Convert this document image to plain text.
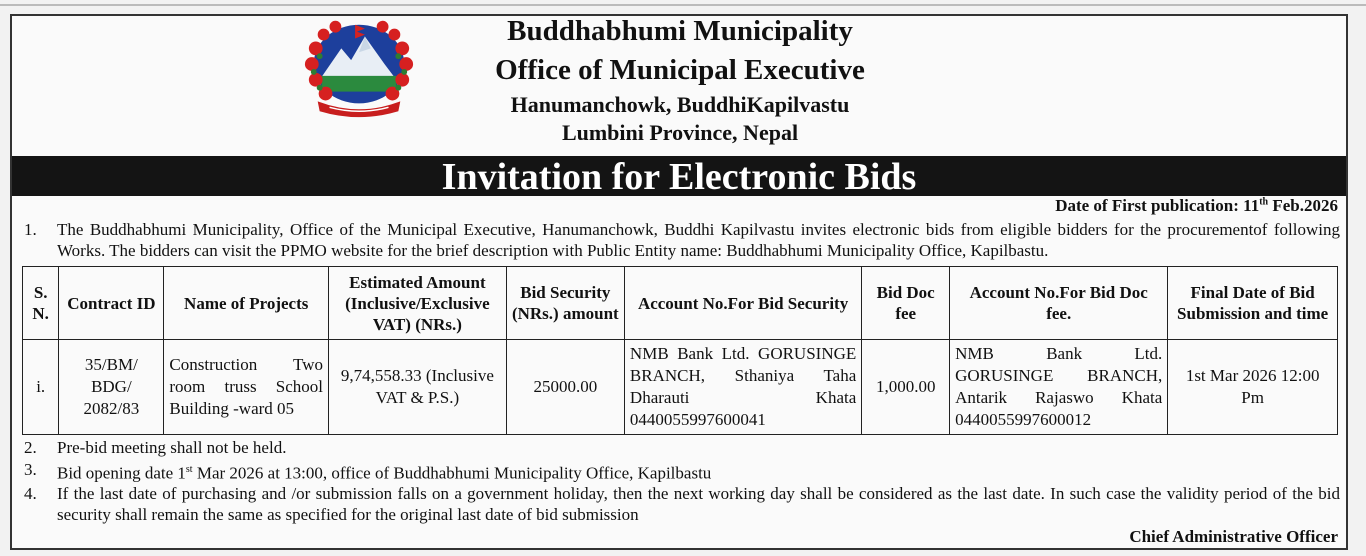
Buddhabhumi Municipality
Office of Municipal Executive
Hanumanchowk, BuddhiKapilvastu
Lumbini Province, Nepal
Invitation for Electronic Bids
Date of First publication: 11th Feb.2026
1.	The Buddhabhumi Municipality, Office of the Municipal Executive, Hanumanchowk, Buddhi Kapilvastu invites electronic bids from eligible bidders for the procurementof following Works. The bidders can visit the PPMO website for the brief description with Public Entity name: Buddhabhumi Municipality Office, Kapilbastu.
S. N.	Contract ID	Name of Projects	Estimated Amount (Inclusive/Exclusive VAT) (NRs.)	Bid Security (NRs.) amount	Account No.For Bid Security	Bid Doc fee	Account No.For Bid Doc fee.	Final Date of Bid Submission and time
i.	35/BM/ BDG/ 2082/83	Construction Two room truss School Building -ward 05	9,74,558.33 (Inclusive VAT & P.S.)	25000.00	NMB Bank Ltd. GORUSINGE BRANCH, Sthaniya Taha Dharauti Khata 0440055997600041	1,000.00	NMB Bank Ltd. GORUSINGE BRANCH, Antarik Rajaswo Khata 0440055997600012	1st Mar 2026 12:00 Pm
2.	Pre-bid meeting shall not be held.
3.	Bid opening date 1st Mar 2026 at 13:00, office of Buddhabhumi Municipality Office, Kapilbastu
4.	If the last date of purchasing and /or submission falls on a government holiday, then the next working day shall be considered as the last date. In such case the validity period of the bid security shall remain the same as specified for the original last date of bid submission
Chief Administrative Officer
